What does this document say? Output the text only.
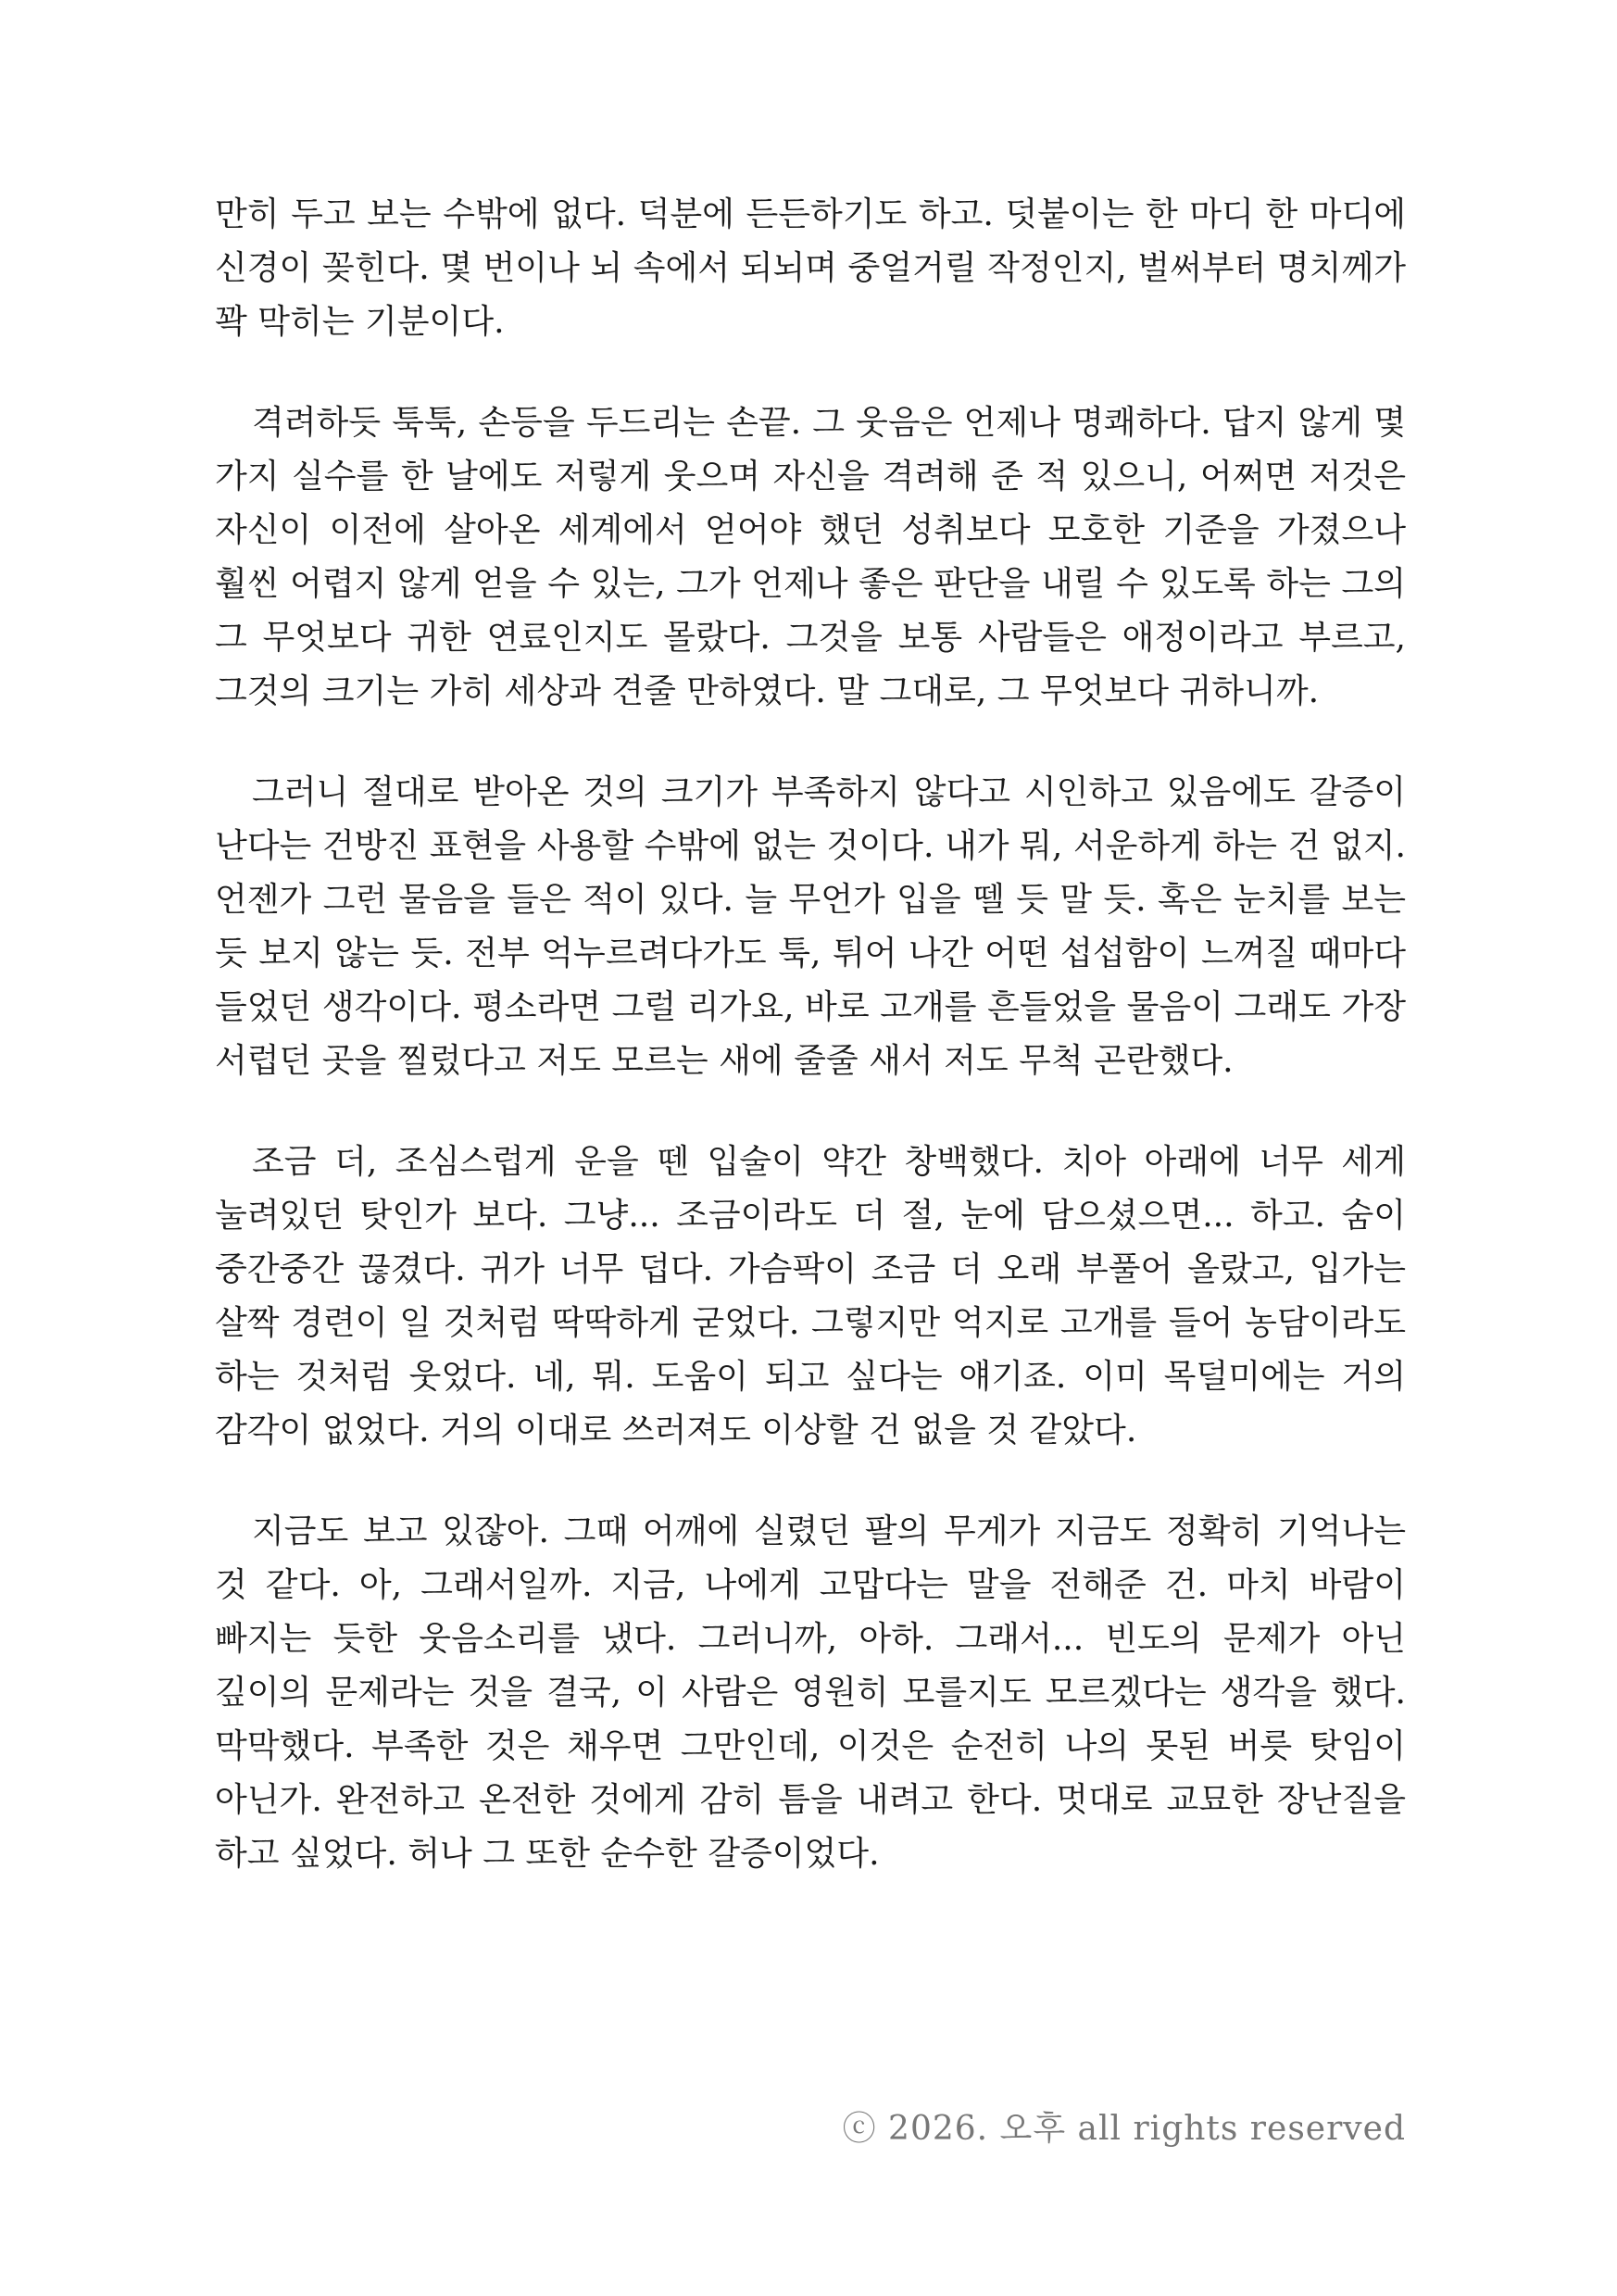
만히 두고 보는 수밖에 없다. 덕분에 든든하기도 하고. 덧붙이는 한 마디 한 마디에 신경이 꽂힌다. 몇 번이나 뇌 속에서 되뇌며 중얼거릴 작정인지, 벌써부터 명치께가 꽉 막히는 기분이다.

격려하듯 툭툭, 손등을 두드리는 손끝. 그 웃음은 언제나 명쾌하다. 답지 않게 몇 가지 실수를 한 날에도 저렇게 웃으며 자신을 격려해 준 적 있으니, 어쩌면 저것은 자신이 이전에 살아온 세계에서 얻어야 했던 성취보다 모호한 기준을 가졌으나 훨씬 어렵지 않게 얻을 수 있는, 그가 언제나 좋은 판단을 내릴 수 있도록 하는 그의 그 무엇보다 귀한 연료인지도 몰랐다. 그것을 보통 사람들은 애정이라고 부르고, 그것의 크기는 가히 세상과 견줄 만하였다. 말 그대로, 그 무엇보다 귀하니까.

그러니 절대로 받아온 것의 크기가 부족하지 않다고 시인하고 있음에도 갈증이 난다는 건방진 표현을 사용할 수밖에 없는 것이다. 내가 뭐, 서운하게 하는 건 없지. 언젠가 그런 물음을 들은 적이 있다. 늘 무언가 입을 뗄 듯 말 듯. 혹은 눈치를 보는 듯 보지 않는 듯. 전부 억누르려다가도 툭, 튀어 나간 어떤 섭섭함이 느껴질 때마다 들었던 생각이다. 평소라면 그럴 리가요, 바로 고개를 흔들었을 물음이 그래도 가장 서럽던 곳을 찔렀다고 저도 모르는 새에 줄줄 새서 저도 무척 곤란했다.

조금 더, 조심스럽게 운을 뗀 입술이 약간 창백했다. 치아 아래에 너무 세게 눌려있던 탓인가 보다. 그냥... 조금이라도 더 절, 눈에 담으셨으면... 하고. 숨이 중간중간 끊겼다. 귀가 너무 덥다. 가슴팍이 조금 더 오래 부풀어 올랐고, 입가는 살짝 경련이 일 것처럼 딱딱하게 굳었다. 그렇지만 억지로 고개를 들어 농담이라도 하는 것처럼 웃었다. 네, 뭐. 도움이 되고 싶다는 얘기죠. 이미 목덜미에는 거의 감각이 없었다. 거의 이대로 쓰러져도 이상할 건 없을 것 같았다.

지금도 보고 있잖아. 그때 어깨에 실렸던 팔의 무게가 지금도 정확히 기억나는 것 같다. 아, 그래서일까. 지금, 나에게 고맙다는 말을 전해준 건. 마치 바람이 빠지는 듯한 웃음소리를 냈다. 그러니까, 아하. 그래서... 빈도의 문제가 아닌 깊이의 문제라는 것을 결국, 이 사람은 영원히 모를지도 모르겠다는 생각을 했다. 막막했다. 부족한 것은 채우면 그만인데, 이것은 순전히 나의 못된 버릇 탓임이 아닌가. 완전하고 온전한 것에게 감히 틈을 내려고 한다. 멋대로 교묘한 장난질을 하고 싶었다. 허나 그 또한 순수한 갈증이었다.

ⓒ 2026. 오후 all rights reserved
